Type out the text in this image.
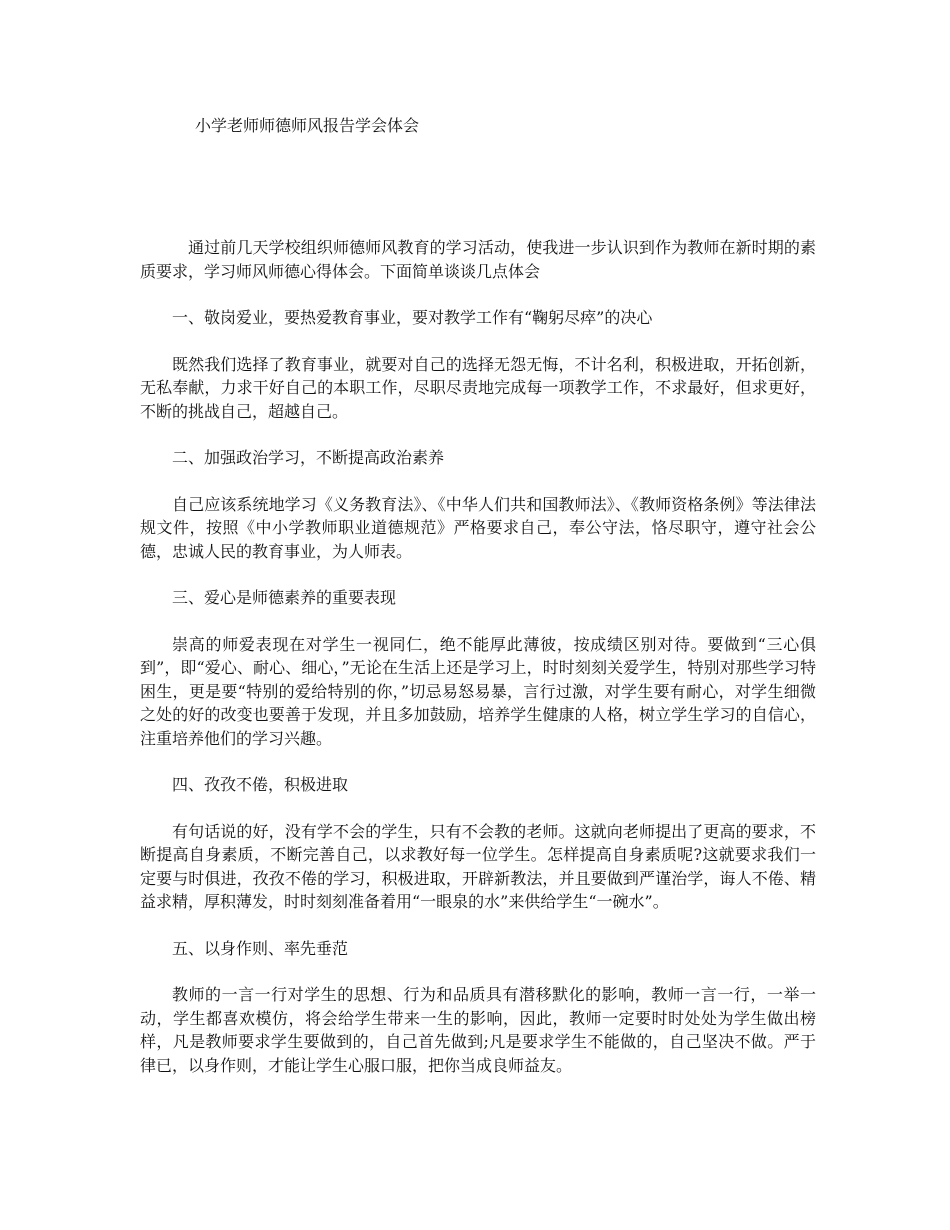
小学老师师德师风报告学会体会

通过前几天学校组织师德师风教育的学习活动，使我进一步认识到作为教师在新时期的素质要求，学习师风师德心得体会。下面简单谈谈几点体会

一、敬岗爱业，要热爱教育事业，要对教学工作有“鞠躬尽瘁”的决心

既然我们选择了教育事业，就要对自己的选择无怨无悔，不计名利，积极进取，开拓创新，无私奉献，力求干好自己的本职工作，尽职尽责地完成每一项教学工作，不求最好，但求更好，不断的挑战自己，超越自己。

二、加强政治学习，不断提高政治素养

自己应该系统地学习《义务教育法》、《中华人们共和国教师法》、《教师资格条例》等法律法规文件，按照《中小学教师职业道德规范》严格要求自己，奉公守法，恪尽职守，遵守社会公德，忠诚人民的教育事业，为人师表。

三、爱心是师德素养的重要表现

崇高的师爱表现在对学生一视同仁，绝不能厚此薄彼，按成绩区别对待。要做到“三心俱到”，即“爱心、耐心、细心，”无论在生活上还是学习上，时时刻刻关爱学生，特别对那些学习特困生，更是要“特别的爱给特别的你，”切忌易怒易暴，言行过激，对学生要有耐心，对学生细微之处的好的改变也要善于发现，并且多加鼓励，培养学生健康的人格，树立学生学习的自信心，注重培养他们的学习兴趣。

四、孜孜不倦，积极进取

有句话说的好，没有学不会的学生，只有不会教的老师。这就向老师提出了更高的要求，不断提高自身素质，不断完善自己，以求教好每一位学生。怎样提高自身素质呢?这就要求我们一定要与时俱进，孜孜不倦的学习，积极进取，开辟新教法，并且要做到严谨治学，诲人不倦、精益求精，厚积薄发，时时刻刻准备着用“一眼泉的水”来供给学生“一碗水”。

五、以身作则、率先垂范

教师的一言一行对学生的思想、行为和品质具有潜移默化的影响，教师一言一行，一举一动，学生都喜欢模仿，将会给学生带来一生的影响，因此，教师一定要时时处处为学生做出榜样，凡是教师要求学生要做到的，自己首先做到;凡是要求学生不能做的，自己坚决不做。严于律已，以身作则，才能让学生心服口服，把你当成良师益友。
